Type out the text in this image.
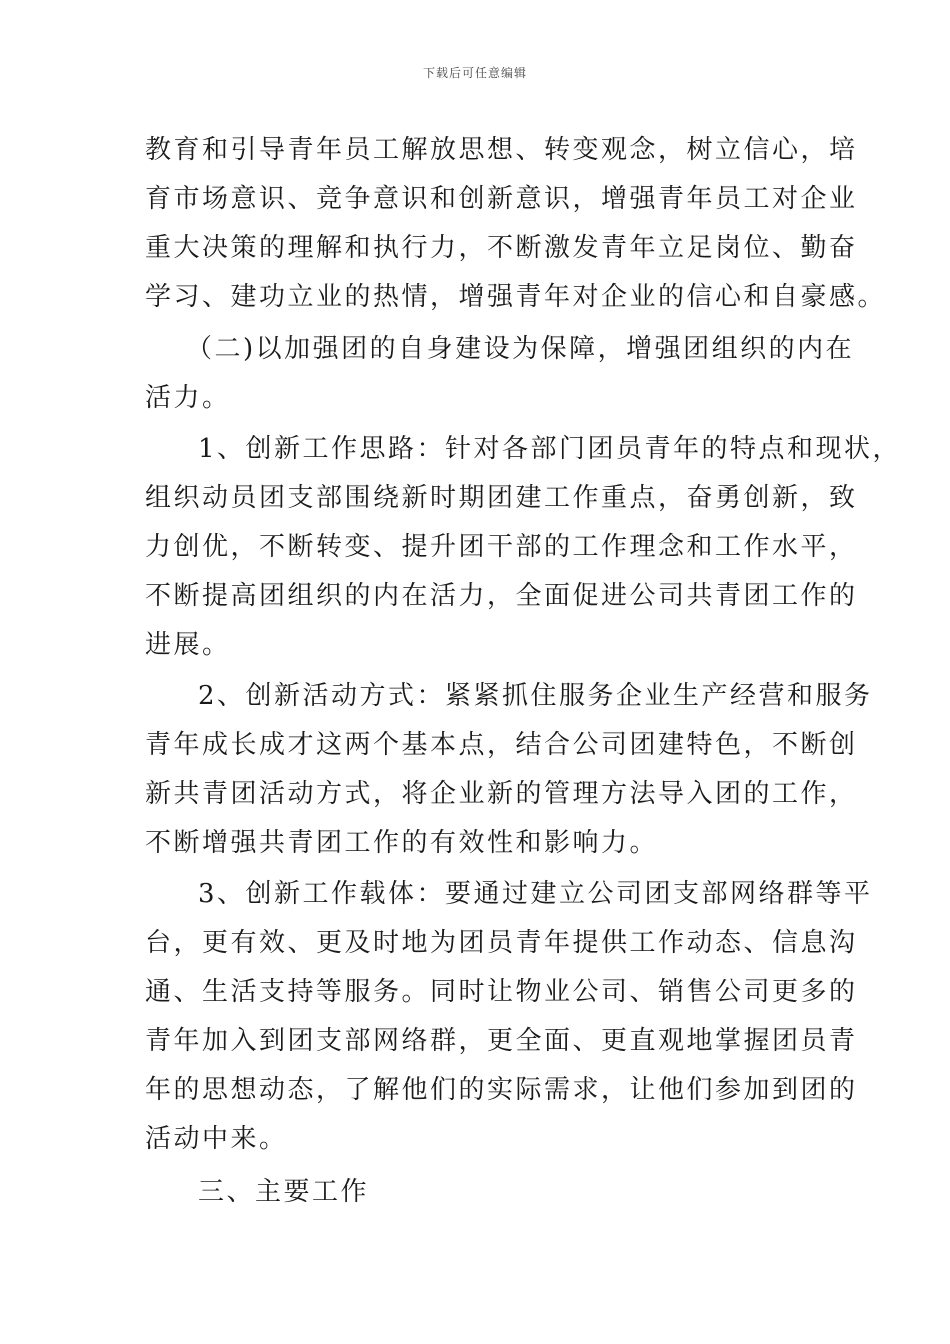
下载后可任意编辑
教育和引导青年员工解放思想、转变观念，树立信心，培
育市场意识、竞争意识和创新意识，增强青年员工对企业
重大决策的理解和执行力，不断激发青年立足岗位、勤奋
学习、建功立业的热情，增强青年对企业的信心和自豪感。
（二)以加强团的自身建设为保障，增强团组织的内在
活力。
1、创新工作思路：针对各部门团员青年的特点和现状，
组织动员团支部围绕新时期团建工作重点，奋勇创新，致
力创优，不断转变、提升团干部的工作理念和工作水平，
不断提高团组织的内在活力，全面促进公司共青团工作的
进展。
2、创新活动方式：紧紧抓住服务企业生产经营和服务
青年成长成才这两个基本点，结合公司团建特色，不断创
新共青团活动方式，将企业新的管理方法导入团的工作，
不断增强共青团工作的有效性和影响力。
3、创新工作载体：要通过建立公司团支部网络群等平
台，更有效、更及时地为团员青年提供工作动态、信息沟
通、生活支持等服务。同时让物业公司、销售公司更多的
青年加入到团支部网络群，更全面、更直观地掌握团员青
年的思想动态，了解他们的实际需求，让他们参加到团的
活动中来。
三、主要工作
